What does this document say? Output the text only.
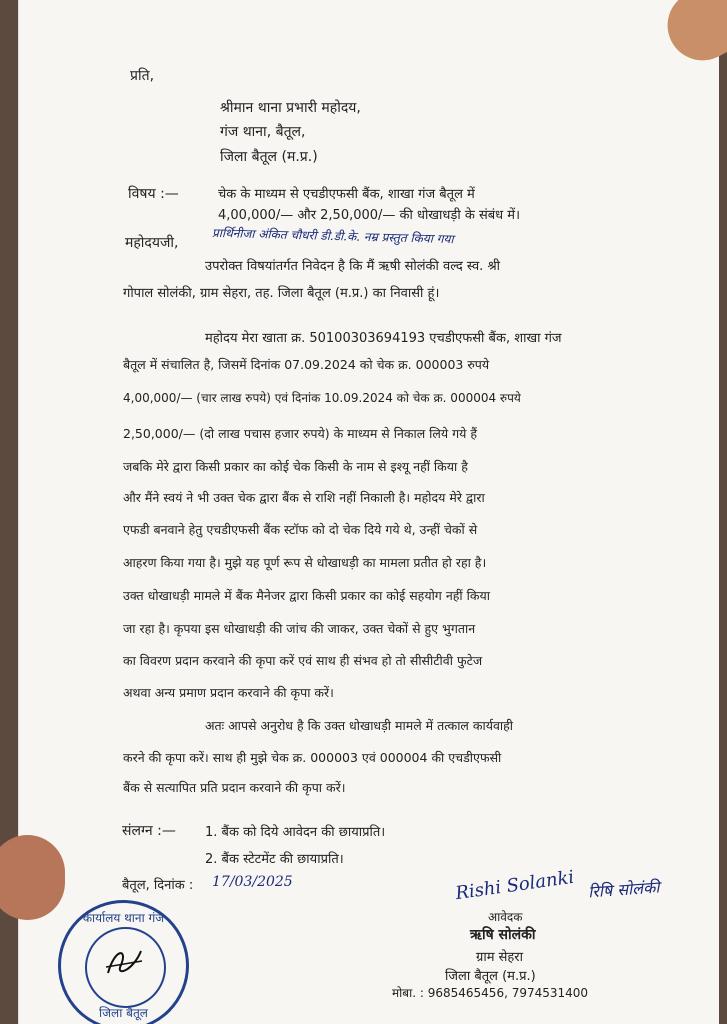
प्रति,
श्रीमान थाना प्रभारी महोदय,
गंज थाना, बैतूल,
जिला बैतूल (म.प्र.)
विषय :—	चेक के माध्यम से एचडीएफसी बैंक, शाखा गंज बैतूल में
4,00,000/— और 2,50,000/— की धोखाधड़ी के संबंध में।
महोदयजी,	प्रार्थिनीजा अंकित चौधरी डी.डी.के. नम्र प्रस्तुत किया गया
उपरोक्त विषयांतर्गत निवेदन है कि मैं ऋषी सोलंकी वल्द स्व. श्री
गोपाल सोलंकी, ग्राम सेहरा, तह. जिला बैतूल (म.प्र.) का निवासी हूं।
महोदय मेरा खाता क्र. 50100303694193 एचडीएफसी बैंक, शाखा गंज
बैतूल में संचालित है, जिसमें दिनांक 07.09.2024 को चेक क्र. 000003 रुपये
4,00,000/— (चार लाख रुपये) एवं दिनांक 10.09.2024 को चेक क्र. 000004 रुपये
2,50,000/— (दो लाख पचास हजार रुपये) के माध्यम से निकाल लिये गये हैं
जबकि मेरे द्वारा किसी प्रकार का कोई चेक किसी के नाम से इश्यू नहीं किया है
और मैंने स्वयं ने भी उक्त चेक द्वारा बैंक से राशि नहीं निकाली है। महोदय मेरे द्वारा
एफडी बनवाने हेतु एचडीएफसी बैंक स्टॉफ को दो चेक दिये गये थे, उन्हीं चेकों से
आहरण किया गया है। मुझे यह पूर्ण रूप से धोखाधड़ी का मामला प्रतीत हो रहा है।
उक्त धोखाधड़ी मामले में बैंक मैनेजर द्वारा किसी प्रकार का कोई सहयोग नहीं किया
जा रहा है। कृपया इस धोखाधड़ी की जांच की जाकर, उक्त चेकों से हुए भुगतान
का विवरण प्रदान करवाने की कृपा करें एवं साथ ही संभव हो तो सीसीटीवी फुटेज
अथवा अन्य प्रमाण प्रदान करवाने की कृपा करें।
अतः आपसे अनुरोध है कि उक्त धोखाधड़ी मामले में तत्काल कार्यवाही
करने की कृपा करें। साथ ही मुझे चेक क्र. 000003 एवं 000004 की एचडीएफसी
बैंक से सत्यापित प्रति प्रदान करवाने की कृपा करें।
संलग्न :— 1. बैंक को दिये आवेदन की छायाप्रति।
2. बैंक स्टेटमेंट की छायाप्रति।
बैतूल, दिनांक : 17/03/2025	Rishi Solanki रिषि सोलंकी
आवेदक
ऋषि सोलंकी
ग्राम सेहरा
जिला बैतूल (म.प्र.)
मोबा. : 9685465456, 7974531400
कार्यालय थाना गंज
जिला बैतूल
